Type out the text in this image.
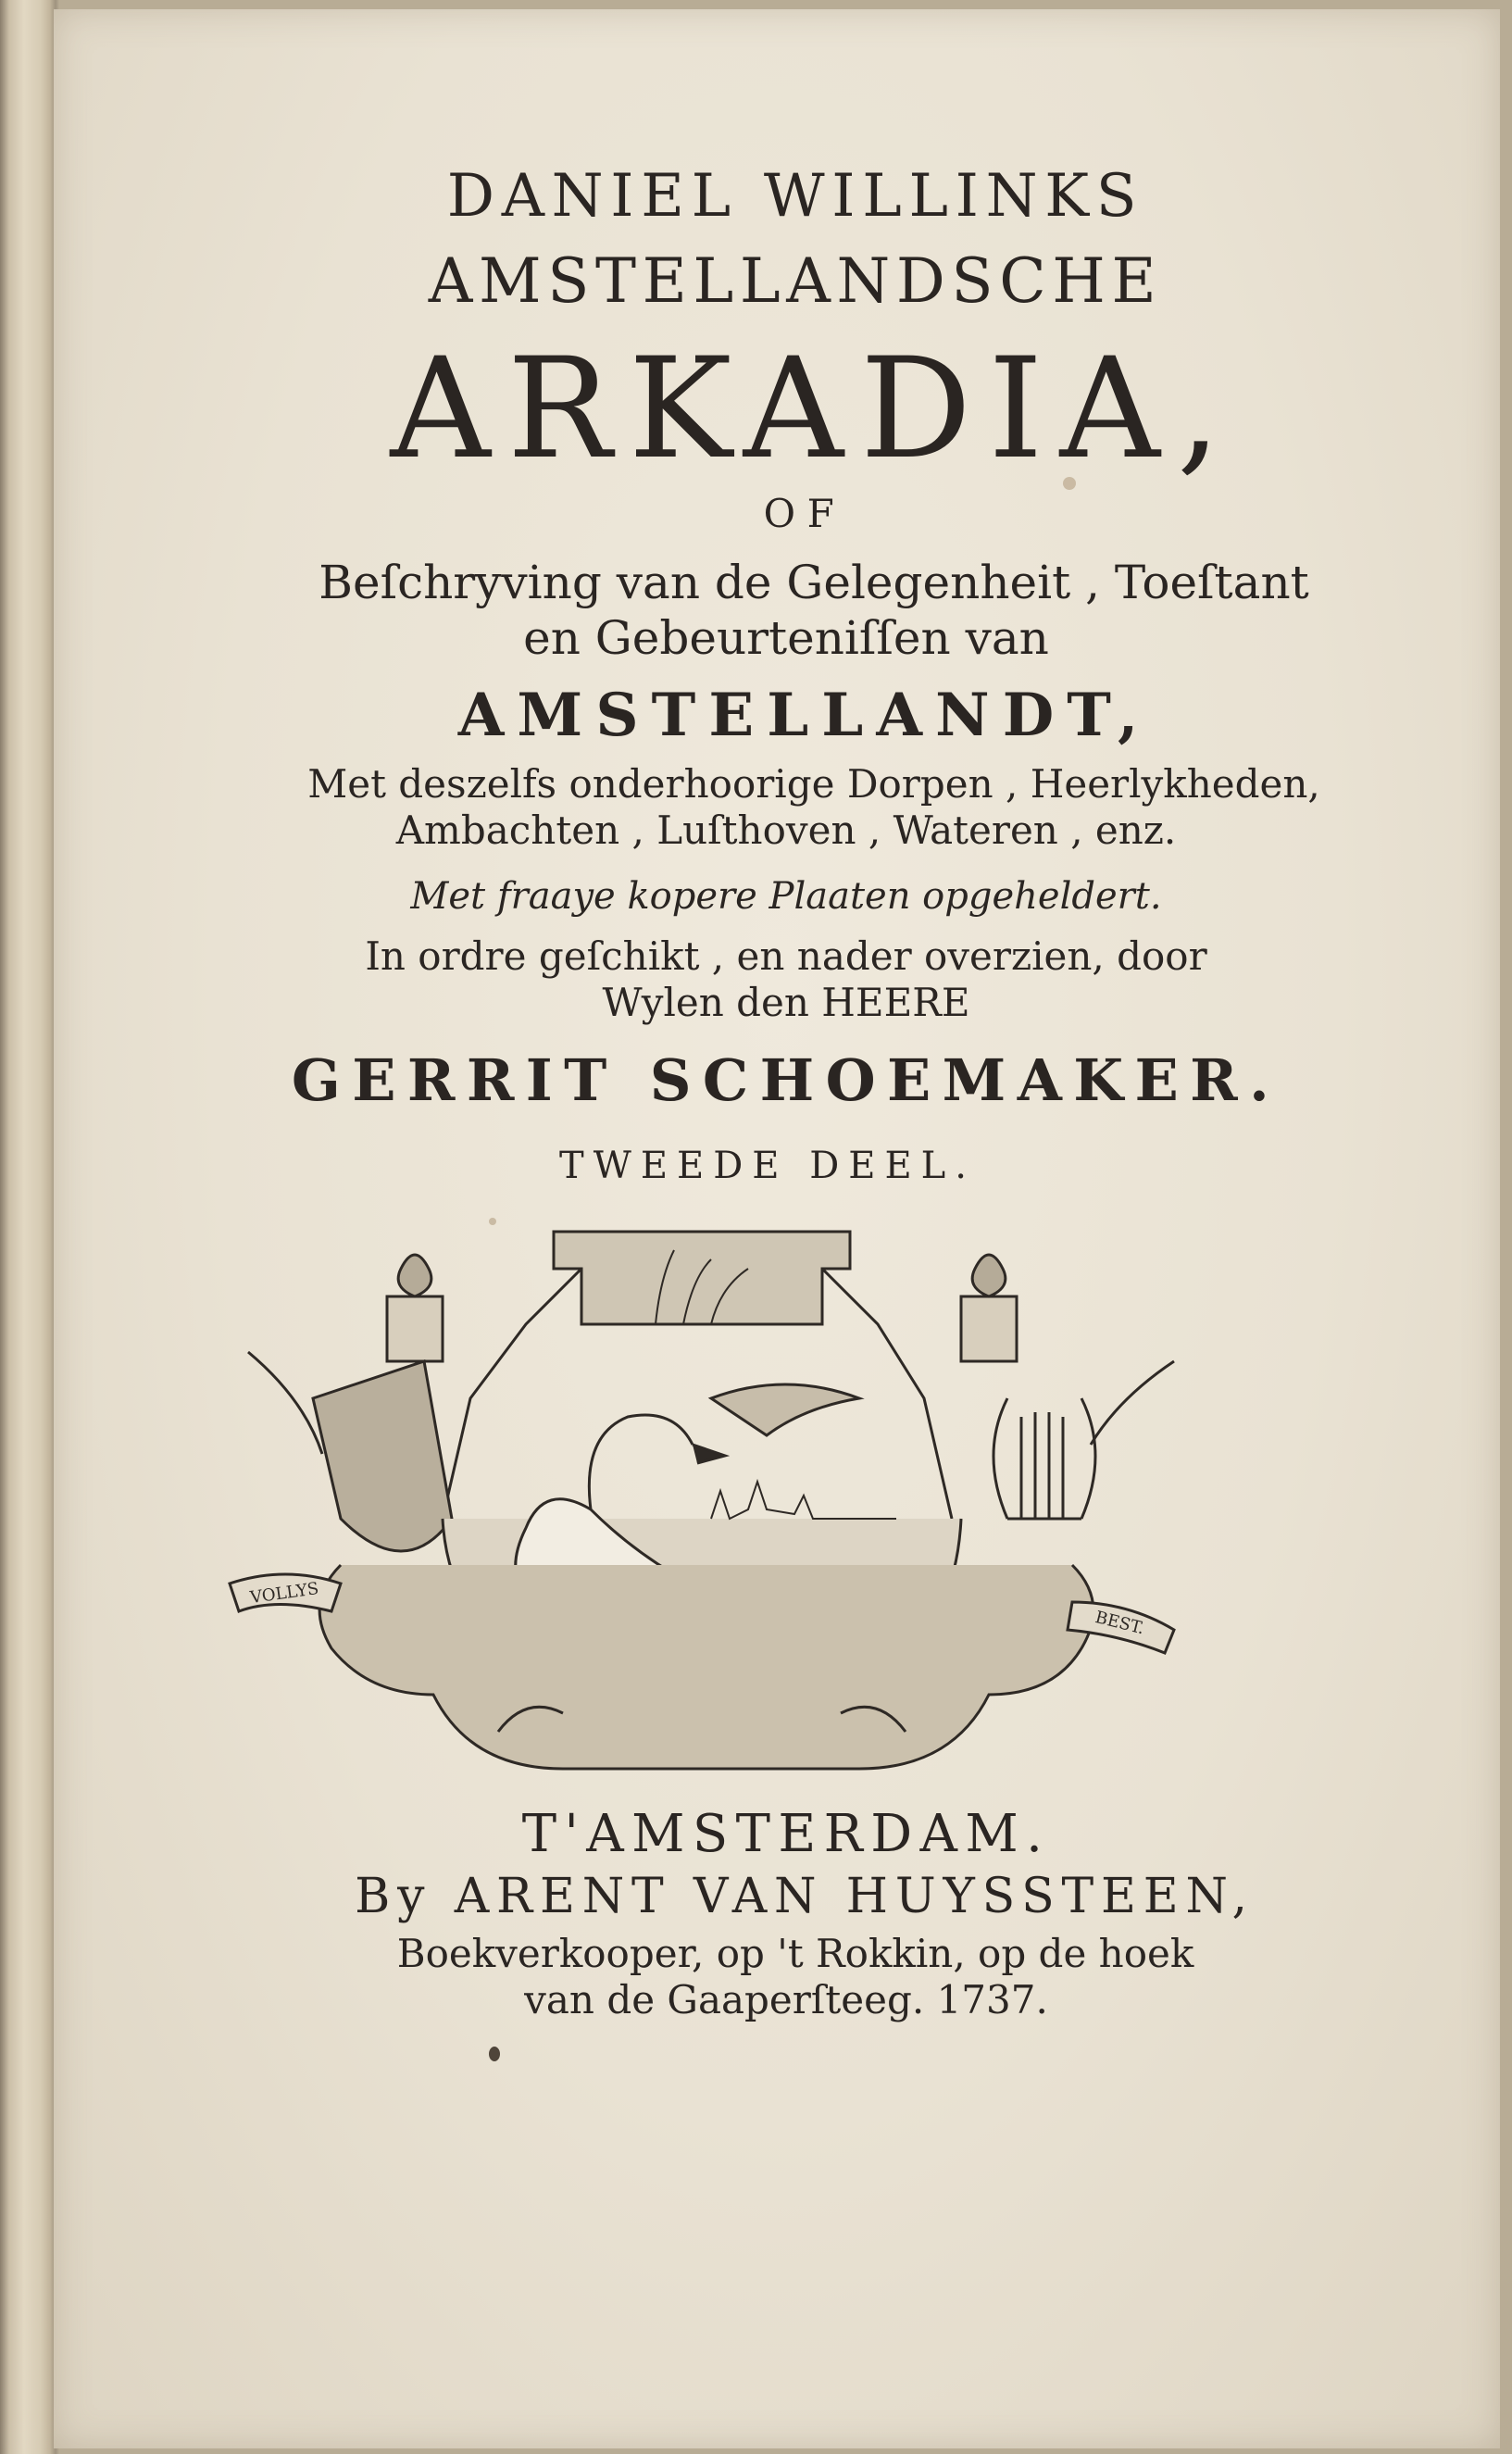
DANIEL WILLINKS
AMSTELLANDSCHE
ARKADIA,
OF
Beſchryving van de Gelegenheit , Toeſtant
en Gebeurteniſſen van
AMSTELLANDT,
Met deszelfs onderhoorige Dorpen , Heerlykheden,
Ambachten , Luſthoven , Wateren , enz.
Met fraaye kopere Plaaten opgeheldert.
In ordre geſchikt , en nader overzien, door
Wylen den HEERE
GERRIT SCHOEMAKER.
TWEEDE DEEL.
VOLLYS
BEST.
T'AMSTERDAM.
By ARENT VAN HUYSSTEEN,
Boekverkooper, op 't Rokkin, op de hoek
van de Gaaperſteeg. 1737.
